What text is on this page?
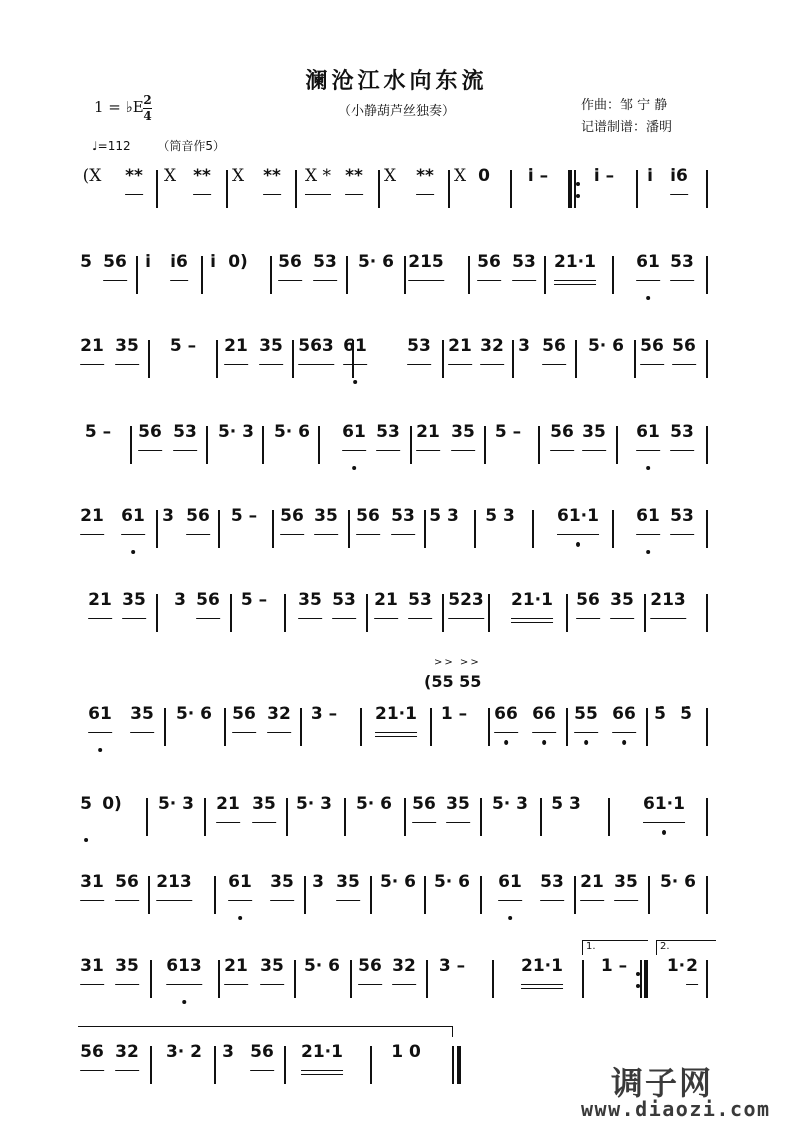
澜沧江水向东流
（小静葫芦丝独奏）
1 = ♭E 2
4
作曲：邹 宁 静
记谱制谱：潘明
♩=112 （筒音作5）
>> >>
(55 55
1.	2.
(X ** X ** X ** X * ** X ** X 0 i̇ –	i̇ – i̇ i̇6
5 56 i̇ i̇6 i̇ 0) 56 53 5· 6 215 56 53 21·1 61 53
21 35 5 – 21 35 563 61 53 21 32 3 56 5· 6 56 56
5 – 56 53 5· 3 5· 6 61 53 21 35 5 – 56 35 61 53
21 61 3 56 5 – 56 35 56 53 5 3 5 3 61·1 61 53
21 35 3 56 5 – 35 53 21 53 523 21·1 56 35 213
61 35 5· 6 56 32 3 – 21·1 1 – 66 66 55 66 5̇ 5̇
5 0) 5· 3 21 35 5· 3 5· 6 56 35 5· 3 5 3	61·1
31 56 213 61 35 3 35 5· 6 5· 6 61 53 21 35 5· 6
31 35 613 21 35 5· 6 56 32 3 –	21·1 1 – 1· 2
56 32 3· 2 3 56 21·1	1 0
调子网
www.diaozi.com
